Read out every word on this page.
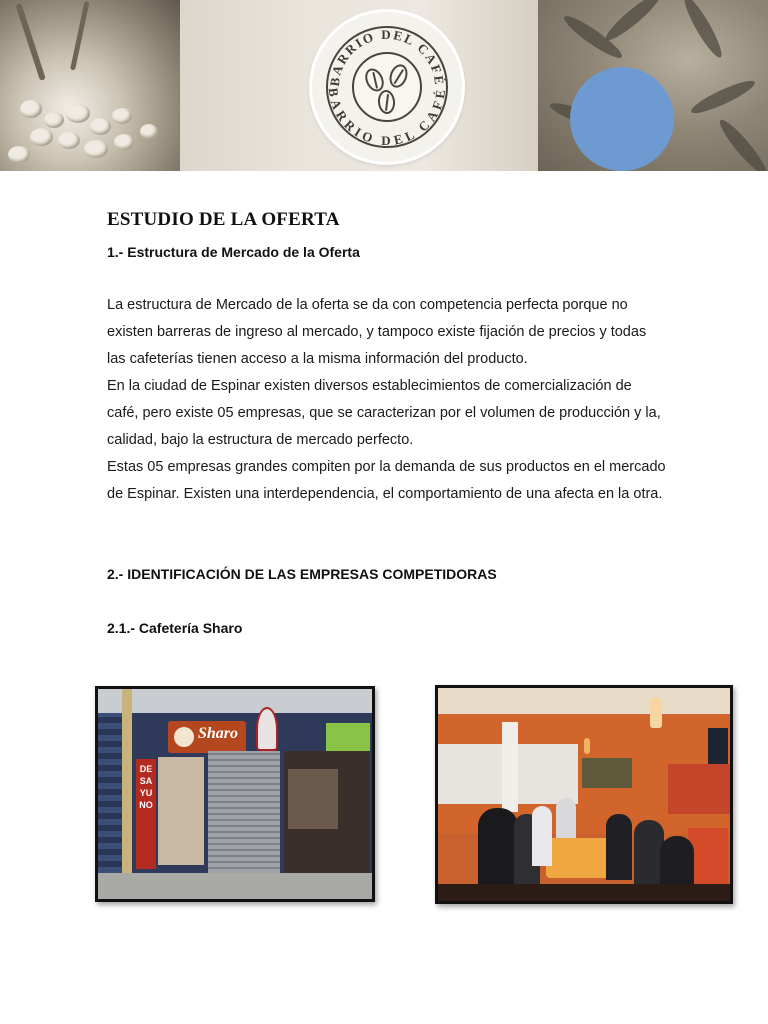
BARRIO DEL CAFÉ
BARRIO DEL CAFÉ
ESTUDIO DE LA OFERTA
1.- Estructura de Mercado de la Oferta

La estructura de Mercado de la oferta se da con competencia perfecta porque no existen barreras de ingreso al mercado, y tampoco existe fijación de precios y todas las cafeterías tienen acceso a la misma información del producto.

En la ciudad de Espinar existen diversos establecimientos de comercialización de café, pero existe 05 empresas, que se caracterizan por el volumen de producción y la, calidad, bajo la estructura de mercado perfecto.

Estas 05 empresas grandes compiten por la demanda de sus productos en el mercado de Espinar. Existen una interdependencia, el comportamiento de una afecta en la otra.

2.- IDENTIFICACIÓN DE LAS EMPRESAS COMPETIDORAS
2.1.- Cafetería Sharo
Sharo
DESAYUNO
